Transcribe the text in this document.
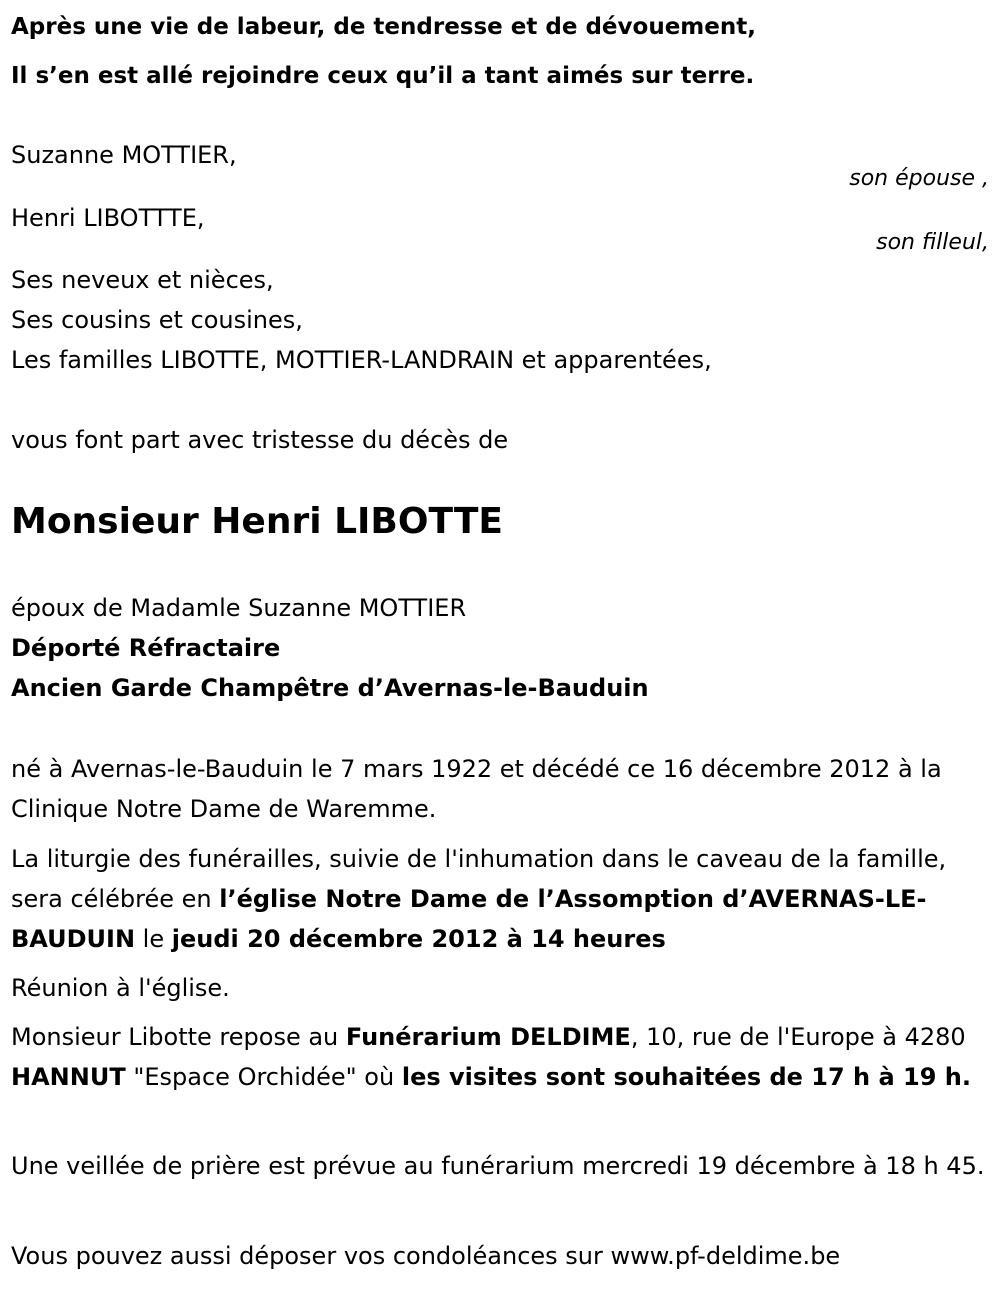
Après une vie de labeur, de tendresse et de dévouement,
Il s’en est allé rejoindre ceux qu’il a tant aimés sur terre.
Suzanne MOTTIER,
son épouse ,
Henri LIBOTTTE,
son filleul,
Ses neveux et nièces,
Ses cousins et cousines,
Les familles LIBOTTE, MOTTIER-LANDRAIN et apparentées,
vous font part avec tristesse du décès de
Monsieur Henri LIBOTTE
époux de Madamle Suzanne MOTTIER
Déporté Réfractaire
Ancien Garde Champêtre d’Avernas-le-Bauduin
né à Avernas-le-Bauduin le 7 mars 1922 et décédé ce 16 décembre 2012 à la Clinique Notre Dame de Waremme.
La liturgie des funérailles, suivie de l'inhumation dans le caveau de la famille, sera célébrée en l’église Notre Dame de l’Assomption d’AVERNAS-LE-BAUDUIN le jeudi 20 décembre 2012 à 14 heures
Réunion à l'église.
Monsieur Libotte repose au Funérarium DELDIME, 10, rue de l'Europe à 4280 HANNUT "Espace Orchidée" où les visites sont souhaitées de 17 h à 19 h.
Une veillée de prière est prévue au funérarium mercredi 19 décembre à 18 h 45.
Vous pouvez aussi déposer vos condoléances sur www.pf-deldime.be
